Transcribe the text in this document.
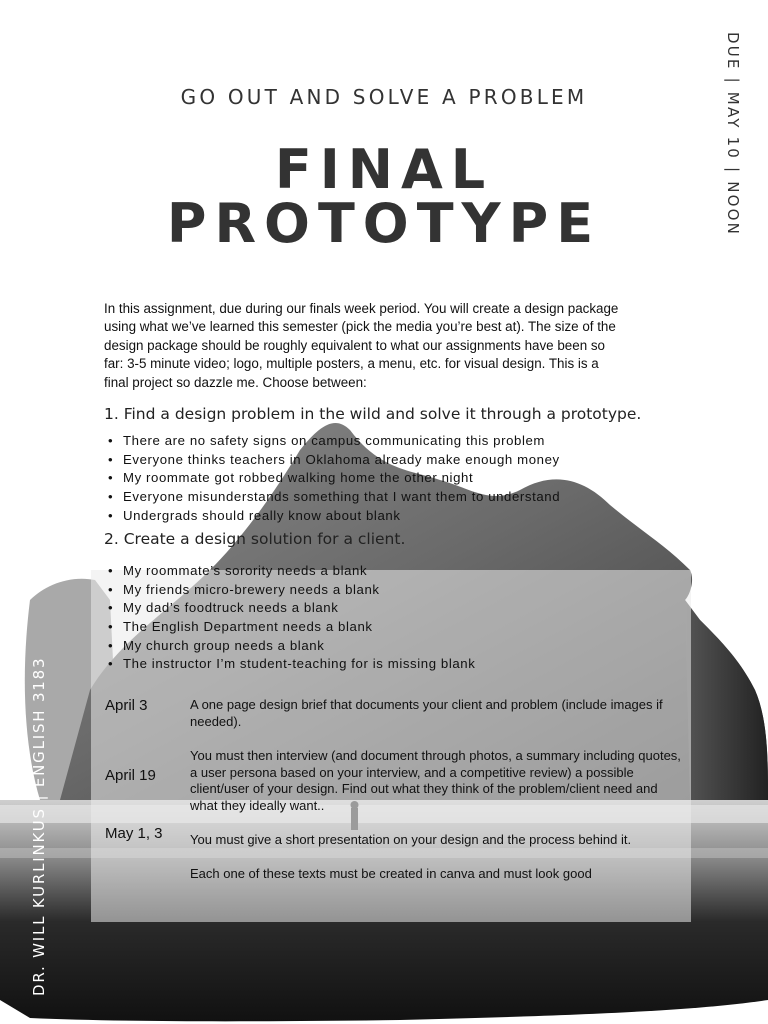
GO OUT AND SOLVE A PROBLEM
FINAL
PROTOTYPE	DUE | MAY 10 | NOON
DR. WILL KURLINKUS | ENGLISH 3183
In this assignment, due during our finals week period. You will create a design package using what we’ve learned this semester (pick the media you’re best at). The size of the design package should be roughly equivalent to what our assignments have been so far: 3-5 minute video; logo, multiple posters, a menu, etc. for visual design. This is a final project so dazzle me. Choose between:
1. Find a design problem in the wild and solve it through a prototype.
• There are no safety signs on campus communicating this problem
• Everyone thinks teachers in Oklahoma already make enough money
• My roommate got robbed walking home the other night
• Everyone misunderstands something that I want them to understand
• Undergrads should really know about blank
2. Create a design solution for a client.
• My roommate’s sorority needs a blank
• My friends micro-brewery needs a blank
• My dad’s foodtruck needs a blank
• The English Department needs a blank
• My church group needs a blank
• The instructor I’m student-teaching for is missing blank
April 3	A one page design brief that documents your client and problem (include images if needed).
April 19
You must then interview (and document through photos, a summary including quotes, a user persona based on your interview, and a competitive review) a possible client/user of your design. Find out what they think of the problem/client need and what they ideally want..
May 1, 3 You must give a short presentation on your design and the process behind it.
Each one of these texts must be created in canva and must look good
